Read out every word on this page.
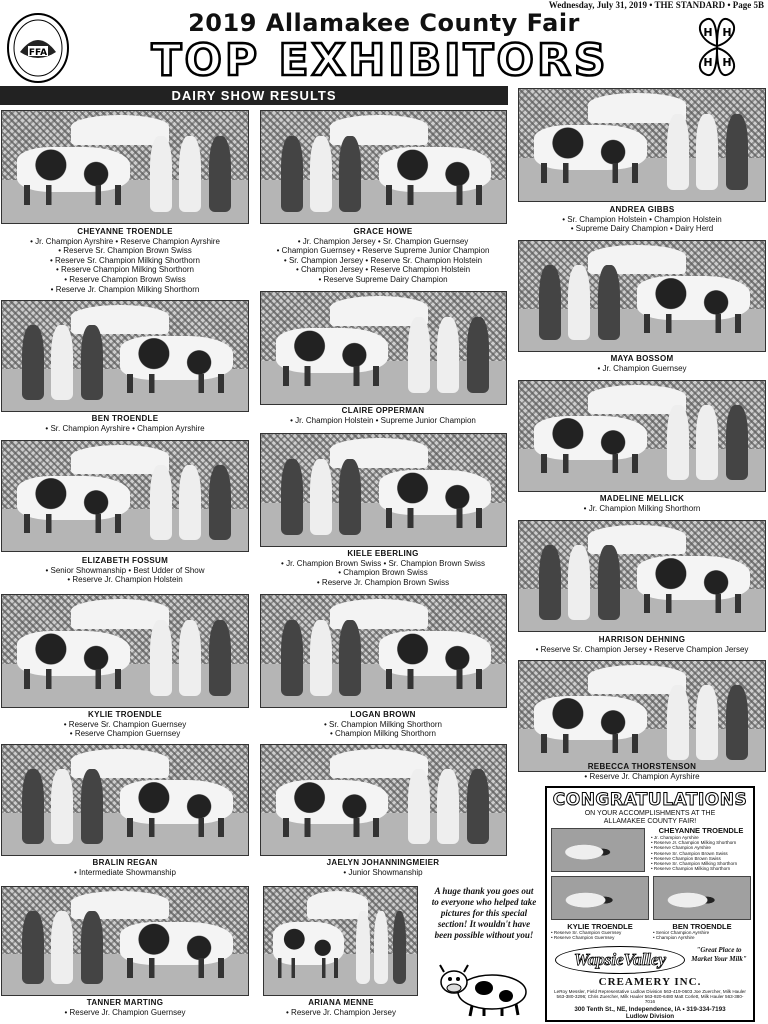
Wednesday, July 31, 2019 • THE STANDARD • Page 5B
FFA
H H
H H
2019 Allamakee County Fair
TOP EXHIBITORS
DAIRY SHOW RESULTS
CHEYANNE TROENDLE
• Jr. Champion Ayrshire • Reserve Champion Ayrshire
• Reserve Sr. Champion Brown Swiss
• Reserve Sr. Champion Milking Shorthorn
• Reserve Champion Milking Shorthorn
• Reserve Champion Brown Swiss
• Reserve Jr. Champion Milking Shorthorn
GRACE HOWE
• Jr. Champion Jersey • Sr. Champion Guernsey
• Champion Guernsey • Reserve Supreme Junior Champion
• Sr. Champion Jersey • Reserve Sr. Champion Holstein
• Champion Jersey • Reserve Champion Holstein
• Reserve Supreme Dairy Champion
ANDREA GIBBS
• Sr. Champion Holstein • Champion Holstein
• Supreme Dairy Champion • Dairy Herd
BEN TROENDLE
• Sr. Champion Ayrshire • Champion Ayrshire
CLAIRE OPPERMAN
• Jr. Champion Holstein • Supreme Junior Champion
MAYA BOSSOM
• Jr. Champion Guernsey
ELIZABETH FOSSUM
• Senior Showmanship • Best Udder of Show
• Reserve Jr. Champion Holstein
KIELE EBERLING
• Jr. Champion Brown Swiss • Sr. Champion Brown Swiss
• Champion Brown Swiss
• Reserve Jr. Champion Brown Swiss
MADELINE MELLICK
• Jr. Champion Milking Shorthorn
HARRISON DEHNING
• Reserve Sr. Champion Jersey • Reserve Champion Jersey
KYLIE TROENDLE
• Reserve Sr. Champion Guernsey
• Reserve Champion Guernsey
LOGAN BROWN
• Sr. Champion Milking Shorthorn
• Champion Milking Shorthorn
REBECCA THORSTENSON
• Reserve Jr. Champion Ayrshire
BRALIN REGAN
• Intermediate Showmanship
JAELYN JOHANNINGMEIER
• Junior Showmanship
TANNER MARTING
• Reserve Jr. Champion Guernsey
ARIANA MENNE
• Reserve Jr. Champion Jersey
A huge thank you goes out to everyone who helped take pictures for this special section! It wouldn't have been possible without you!
CONGRATULATIONS
ON YOUR ACCOMPLISHMENTS AT THE
ALLAMAKEE COUNTY FAIR!
CHEYANNE TROENDLE
• Jr. Champion Ayrshire
• Reserve Jr. Champion Milking Shorthorn
• Reserve Champion Ayrshire
• Reserve Sr. Champion Brown Swiss
• Reserve Champion Brown Swiss
• Reserve Sr. Champion Milking Shorthorn
• Reserve Champion Milking Shorthorn
KYLIE TROENDLE	BEN TROENDLE
• Reserve Sr. Champion Guernsey
• Reserve Champion Guernsey
• Senior Champion Ayrshire
• Champion Ayrshire
WapsieValley	"Great Place to Market Your Milk"
CREAMERY INC.
LeRoy Messler, Field Representative Ludlow Division 563-419-0603 Joe Zuercher, Milk Hauler 563-380-3296; Chris Zuercher, Milk Hauler 563-920-6480 Matt Corlett, Milk Hauler 563-380-7016
300 Tenth St., NE, Independence, IA • 319-334-7193
Ludlow Division
